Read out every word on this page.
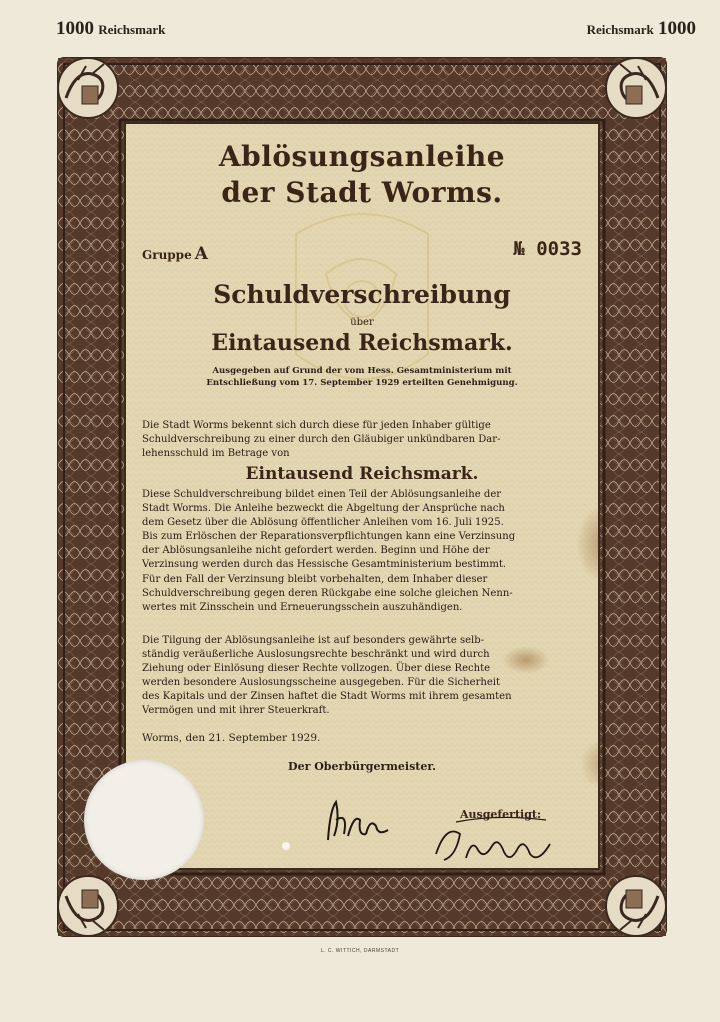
1000 Reichsmark	Reichsmark 1000
Ablösungsanleihe
der Stadt Worms.
Gruppe A	№ 0033
Schuldverschreibung
über
Eintausend Reichsmark.
Ausgegeben auf Grund der vom Hess. Gesamtministerium mit
Entschließung vom 17. September 1929 erteilten Genehmigung.
Die Stadt Worms bekennt sich durch diese für jeden Inhaber gültige
Schuldverschreibung zu einer durch den Gläubiger unkündbaren Dar-
lehensschuld im Betrage von
Eintausend Reichsmark.
Diese Schuldverschreibung bildet einen Teil der Ablösungsanleihe der
Stadt Worms. Die Anleihe bezweckt die Abgeltung der Ansprüche nach
dem Gesetz über die Ablösung öffentlicher Anleihen vom 16. Juli 1925.
Bis zum Erlöschen der Reparationsverpflichtungen kann eine Verzinsung
der Ablösungsanleihe nicht gefordert werden. Beginn und Höhe der
Verzinsung werden durch das Hessische Gesamtministerium bestimmt.
Für den Fall der Verzinsung bleibt vorbehalten, dem Inhaber dieser
Schuldverschreibung gegen deren Rückgabe eine solche gleichen Nenn-
wertes mit Zinsschein und Erneuerungsschein auszuhändigen.
Die Tilgung der Ablösungsanleihe ist auf besonders gewährte selb-
ständig veräußerliche Auslosungsrechte beschränkt und wird durch
Ziehung oder Einlösung dieser Rechte vollzogen. Über diese Rechte
werden besondere Auslosungsscheine ausgegeben. Für die Sicherheit
des Kapitals und der Zinsen haftet die Stadt Worms mit ihrem gesamten
Vermögen und mit ihrer Steuerkraft.
Worms, den 21. September 1929.
Der Oberbürgermeister.
Ausgefertigt:
L. C. WITTICH, DARMSTADT
